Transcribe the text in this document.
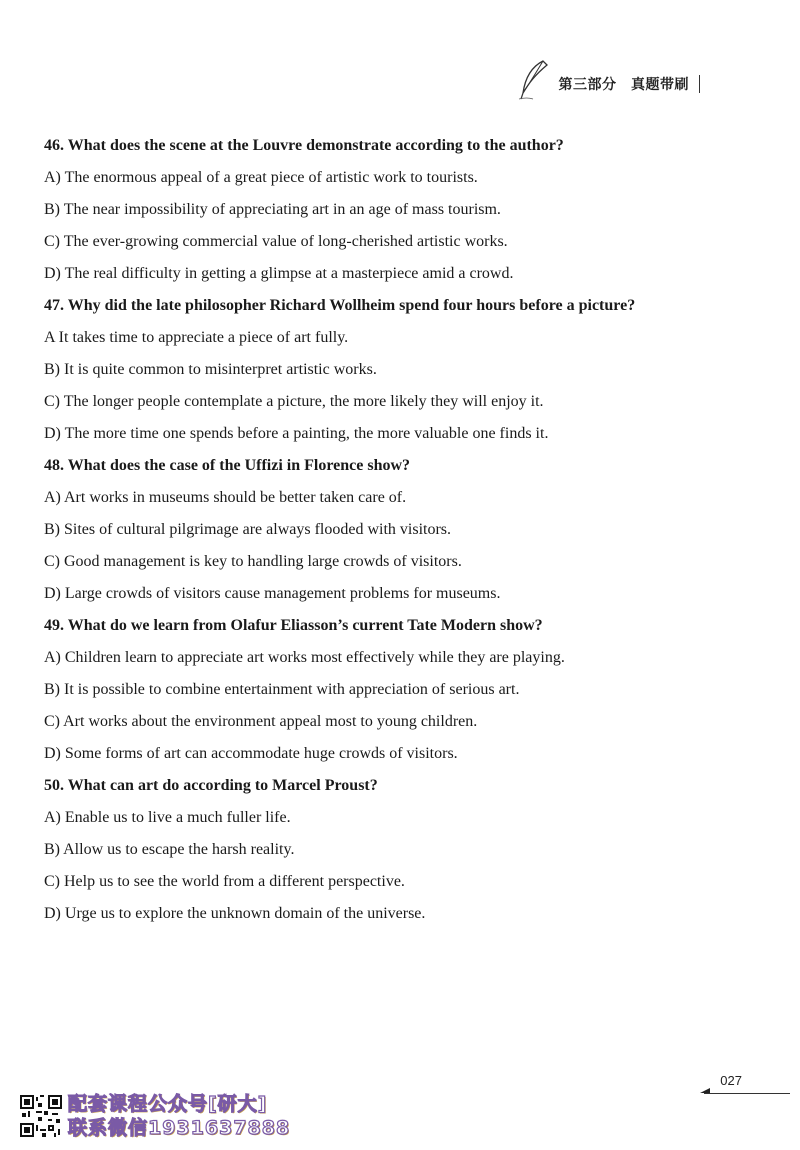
第三部分　真题带刷
46. What does the scene at the Louvre demonstrate according to the author?
A) The enormous appeal of a great piece of artistic work to tourists.
B) The near impossibility of appreciating art in an age of mass tourism.
C) The ever-growing commercial value of long-cherished artistic works.
D) The real difficulty in getting a glimpse at a masterpiece amid a crowd.
47. Why did the late philosopher Richard Wollheim spend four hours before a picture?
A It takes time to appreciate a piece of art fully.
B) It is quite common to misinterpret artistic works.
C) The longer people contemplate a picture, the more likely they will enjoy it.
D) The more time one spends before a painting, the more valuable one finds it.
48. What does the case of the Uffizi in Florence show?
A) Art works in museums should be better taken care of.
B) Sites of cultural pilgrimage are always flooded with visitors.
C) Good management is key to handling large crowds of visitors.
D) Large crowds of visitors cause management problems for museums.
49. What do we learn from Olafur Eliasson’s current Tate Modern show?
A) Children learn to appreciate art works most effectively while they are playing.
B) It is possible to combine entertainment with appreciation of serious art.
C) Art works about the environment appeal most to young children.
D) Some forms of art can accommodate huge crowds of visitors.
50. What can art do according to Marcel Proust?
A) Enable us to live a much fuller life.
B) Allow us to escape the harsh reality.
C) Help us to see the world from a different perspective.
D) Urge us to explore the unknown domain of the universe.
027
配套课程公众号[研大]
联系微信1931637888
